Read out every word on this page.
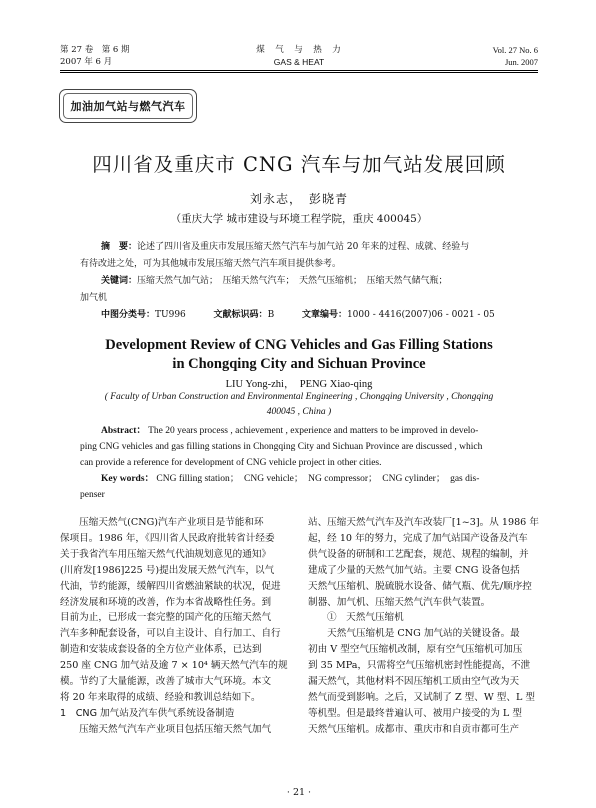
第 27 卷　第 6 期
2007 年 6 月
煤　气　与　热　力
GAS & HEAT
Vol. 27 No. 6
Jun. 2007
加油加气站与燃气汽车
四川省及重庆市 CNG 汽车与加气站发展回顾
刘永志，　彭晓青
（重庆大学 城市建设与环境工程学院，重庆 400045）
摘　要：论述了四川省及重庆市发展压缩天然气汽车与加气站 20 年来的过程、成就、经验与
有待改进之处，可为其他城市发展压缩天然气汽车项目提供参考。
关键词：压缩天然气加气站；　压缩天然气汽车；　天然气压缩机；　压缩天然气储气瓶；
加气机
中图分类号：TU996	文献标识码：B	文章编号：1000 - 4416(2007)06 - 0021 - 05
Development Review of CNG Vehicles and Gas Filling Stations
in Chongqing City and Sichuan Province
LIU Yong-zhi，　PENG Xiao-qing
( Faculty of Urban Construction and Environmental Engineering , Chongqing University , Chongqing
400045 , China )
Abstract： The 20 years process , achievement , experience and matters to be improved in develo-
ping CNG vehicles and gas filling stations in Chongqing City and Sichuan Province are discussed , which
can provide a reference for development of CNG vehicle project in other cities.
Key words： CNG filling station；　CNG vehicle；　NG compressor；　CNG cylinder；　gas dis-
penser

　　压缩天然气(CNG)汽车产业项目是节能和环

保项目。1986 年，《四川省人民政府批转省计经委

关于我省汽车用压缩天然气代油规划意见的通知》

(川府发[1986]225 号)提出发展天然气汽车，以气

代油，节约能源，缓解四川省燃油紧缺的状况，促进

经济发展和环境的改善，作为本省战略性任务。到

目前为止，已形成一套完整的国产化的压缩天然气

汽车多种配套设备，可以自主设计、自行加工、自行

制造和安装成套设备的全方位产业体系，已达到

250 座 CNG 加气站及逾 7 × 10⁴ 辆天然气汽车的规

模。节约了大量能源，改善了城市大气环境。本文

将 20 年来取得的成绩、经验和教训总结如下。

1　CNG 加气站及汽车供气系统设备制造

　　压缩天然气汽车产业项目包括压缩天然气加气

站、压缩天然气汽车及汽车改装厂[1~3]。从 1986 年

起，经 10 年的努力，完成了加气站国产设备及汽车

供气设备的研制和工艺配套，规范、规程的编制，并

建成了少量的天然气加气站。主要 CNG 设备包括

天然气压缩机、脱硫脱水设备、储气瓶、优先/顺序控

制器、加气机、压缩天然气汽车供气装置。

①　天然气压缩机

　　天然气压缩机是 CNG 加气站的关键设备。最

初由 V 型空气压缩机改制，原有空气压缩机可加压

到 35 MPa，只需将空气压缩机密封性能提高，不泄

漏天然气，其他材料不因压缩机工质由空气改为天

然气而受到影响。之后，又试制了 Z 型、W 型、L 型

等机型。但是最终普遍认可、被用户接受的为 L 型

天然气压缩机。成都市、重庆市和自贡市都可生产

· 21 ·
